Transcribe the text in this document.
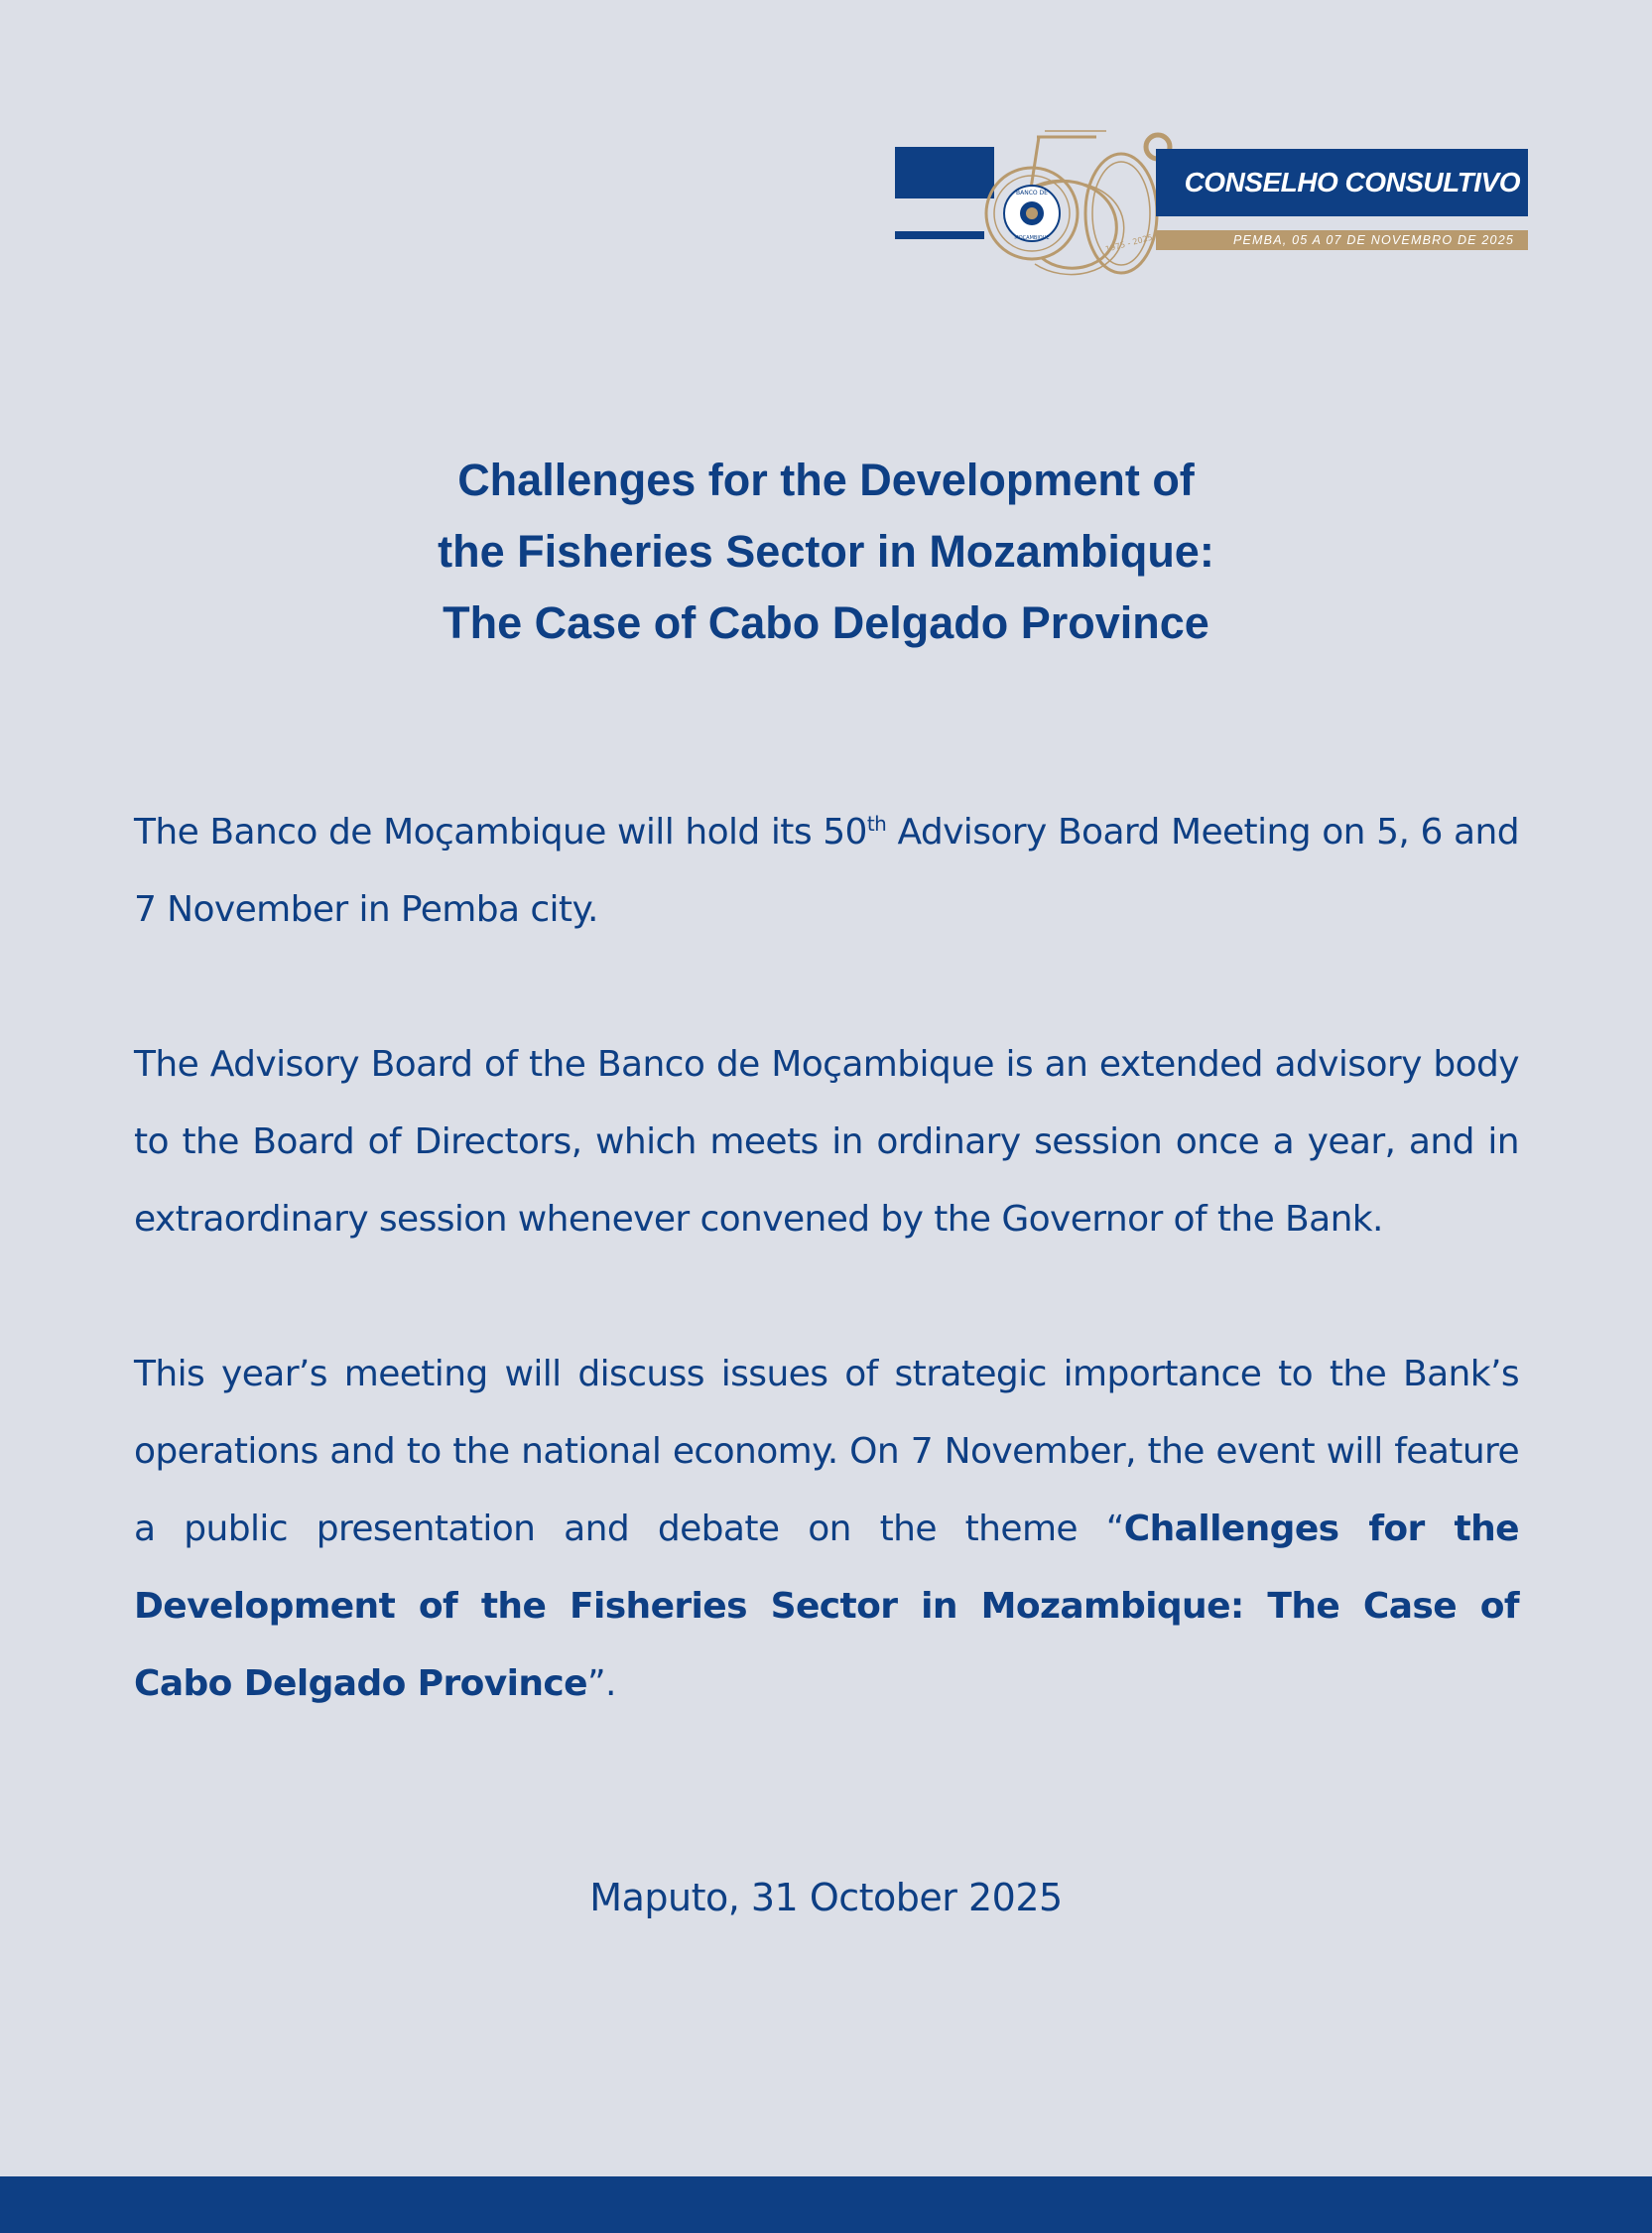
BANCO DE
MOÇAMBIQUE	1975 - 2025
CONSELHO CONSULTIVO
PEMBA, 05 A 07 DE NOVEMBRO DE 2025
Challenges for the Development of
the Fisheries Sector in Mozambique:
The Case of Cabo Delgado Province

The Banco de Moçambique will hold its 50th Advisory Board Meeting on 5, 6 and 7 November in Pemba city.

The Advisory Board of the Banco de Moçambique is an extended advisory body to the Board of Directors, which meets in ordinary session once a year, and in extraordinary session whenever convened by the Governor of the Bank.

This year’s meeting will discuss issues of strategic importance to the Bank’s operations and to the national economy. On 7 November, the event will feature a public presentation and debate on the theme “Challenges for the Development of the Fisheries Sector in Mozambique: The Case of Cabo Delgado Province”.

Maputo, 31 October 2025
